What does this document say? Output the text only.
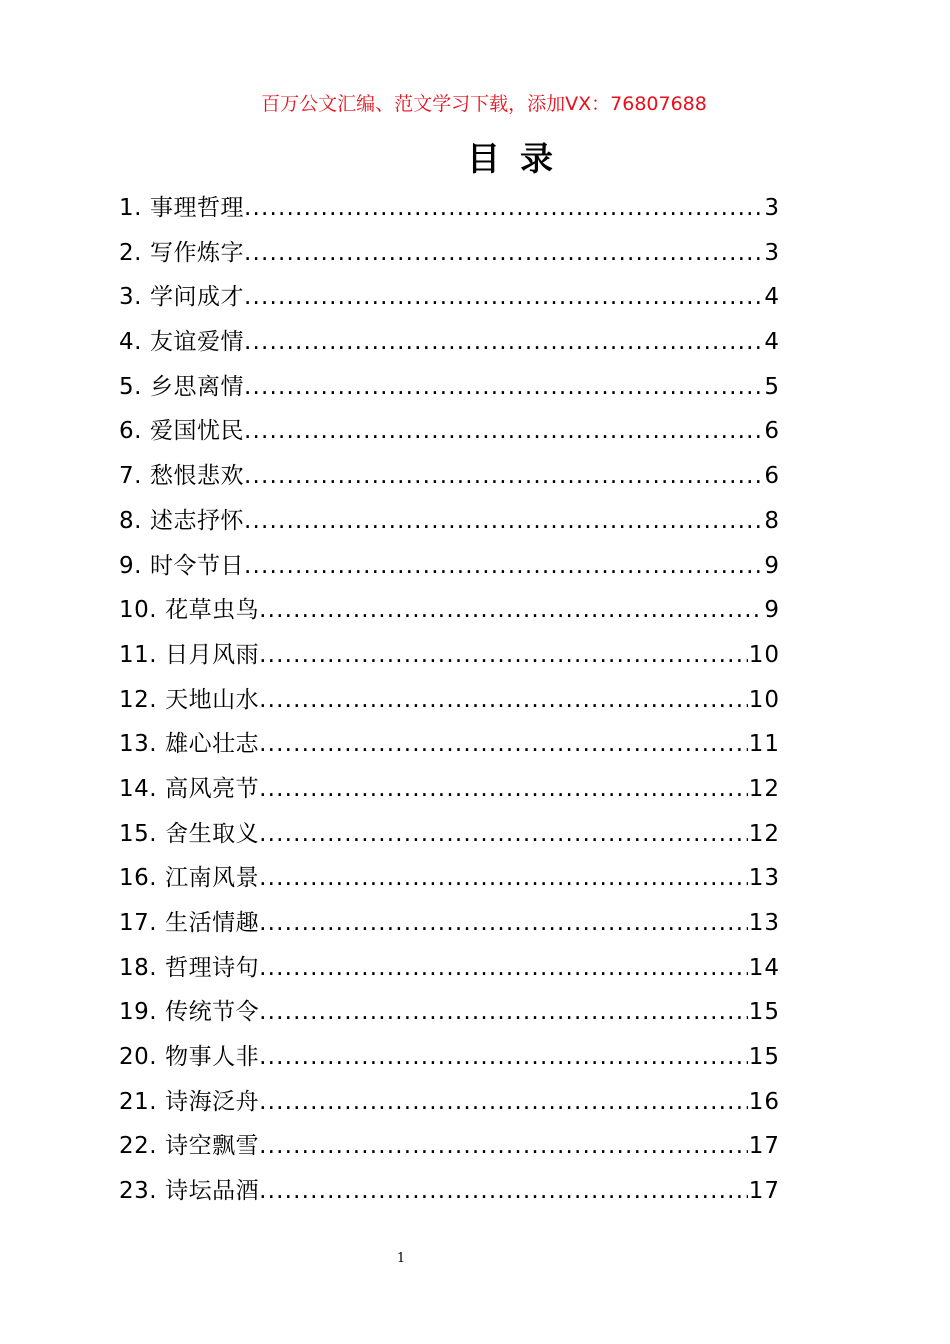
百万公文汇编、范文学习下载，添加VX：76807688
目录
1. 事理哲理 .....	3
2. 写作炼字 .....	3
3. 学问成才 .....	4
4. 友谊爱情 .....	4
5. 乡思离情 .....	5
6. 爱国忧民 .....	6
7. 愁恨悲欢 .....	6
8. 述志抒怀 .....	8
9. 时令节日 .....	9
10. 花草虫鸟 .....	9
11. 日月风雨 .....	10
12. 天地山水 .....	10
13. 雄心壮志 .....	11
14. 高风亮节 .....	12
15. 舍生取义 .....	12
16. 江南风景 .....	13
17. 生活情趣 .....	13
18. 哲理诗句 .....	14
19. 传统节令 .....	15
20. 物事人非 .....	15
21. 诗海泛舟 .....	16
22. 诗空飘雪 .....	17
23. 诗坛品酒 .....	17
1
